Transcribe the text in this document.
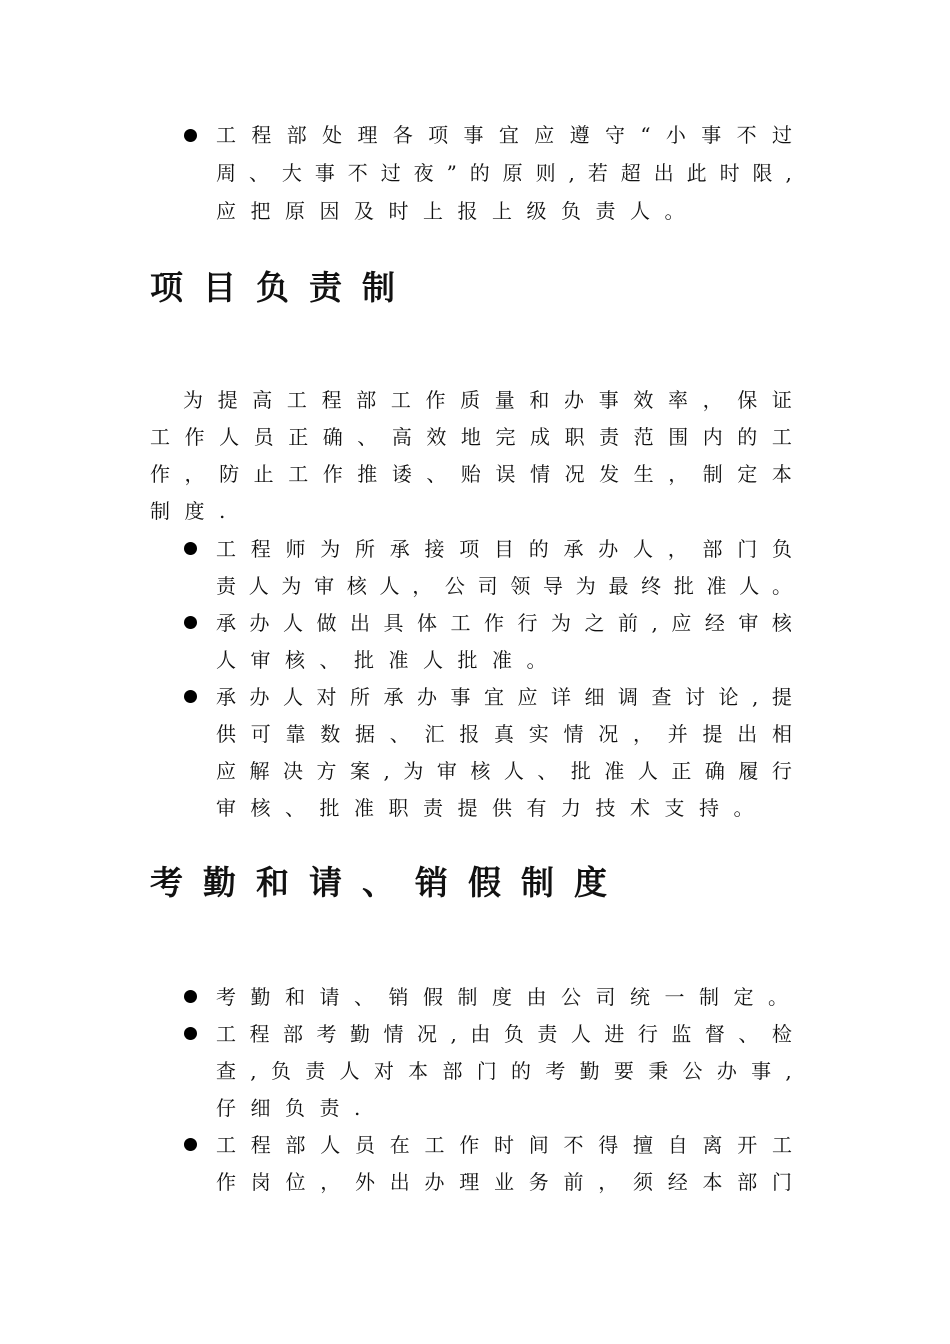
工 程 部 处 理 各 项 事 宜 应 遵 守 “ 小 事 不 过
周 、 大 事 不 过 夜 ” 的 原 则 , 若 超 出 此 时 限 ,
应 把 原 因 及 时 上 报 上 级 负 责 人 。
项 目 负 责 制
为 提 高 工 程 部 工 作 质 量 和 办 事 效 率 ， 保 证
工 作 人 员 正 确 、 高 效 地 完 成 职 责 范 围 内 的 工
作 ， 防 止 工 作 推 诿 、 贻 误 情 况 发 生 ， 制 定 本
制 度 .
工 程 师 为 所 承 接 项 目 的 承 办 人 ， 部 门 负
责 人 为 审 核 人 ， 公 司 领 导 为 最 终 批 准 人 。
承 办 人 做 出 具 体 工 作 行 为 之 前 , 应 经 审 核
人 审 核 、 批 准 人 批 准 。
承 办 人 对 所 承 办 事 宜 应 详 细 调 查 讨 论 , 提
供 可 靠 数 据 、 汇 报 真 实 情 况 ， 并 提 出 相
应 解 决 方 案 , 为 审 核 人 、 批 准 人 正 确 履 行
审 核 、 批 准 职 责 提 供 有 力 技 术 支 持 。
考 勤 和 请 、 销 假 制 度
考 勤 和 请 、 销 假 制 度 由 公 司 统 一 制 定 。
工 程 部 考 勤 情 况 , 由 负 责 人 进 行 监 督 、 检
查 , 负 责 人 对 本 部 门 的 考 勤 要 秉 公 办 事 ,
仔 细 负 责 .
工 程 部 人 员 在 工 作 时 间 不 得 擅 自 离 开 工
作 岗 位 ， 外 出 办 理 业 务 前 ， 须 经 本 部 门
